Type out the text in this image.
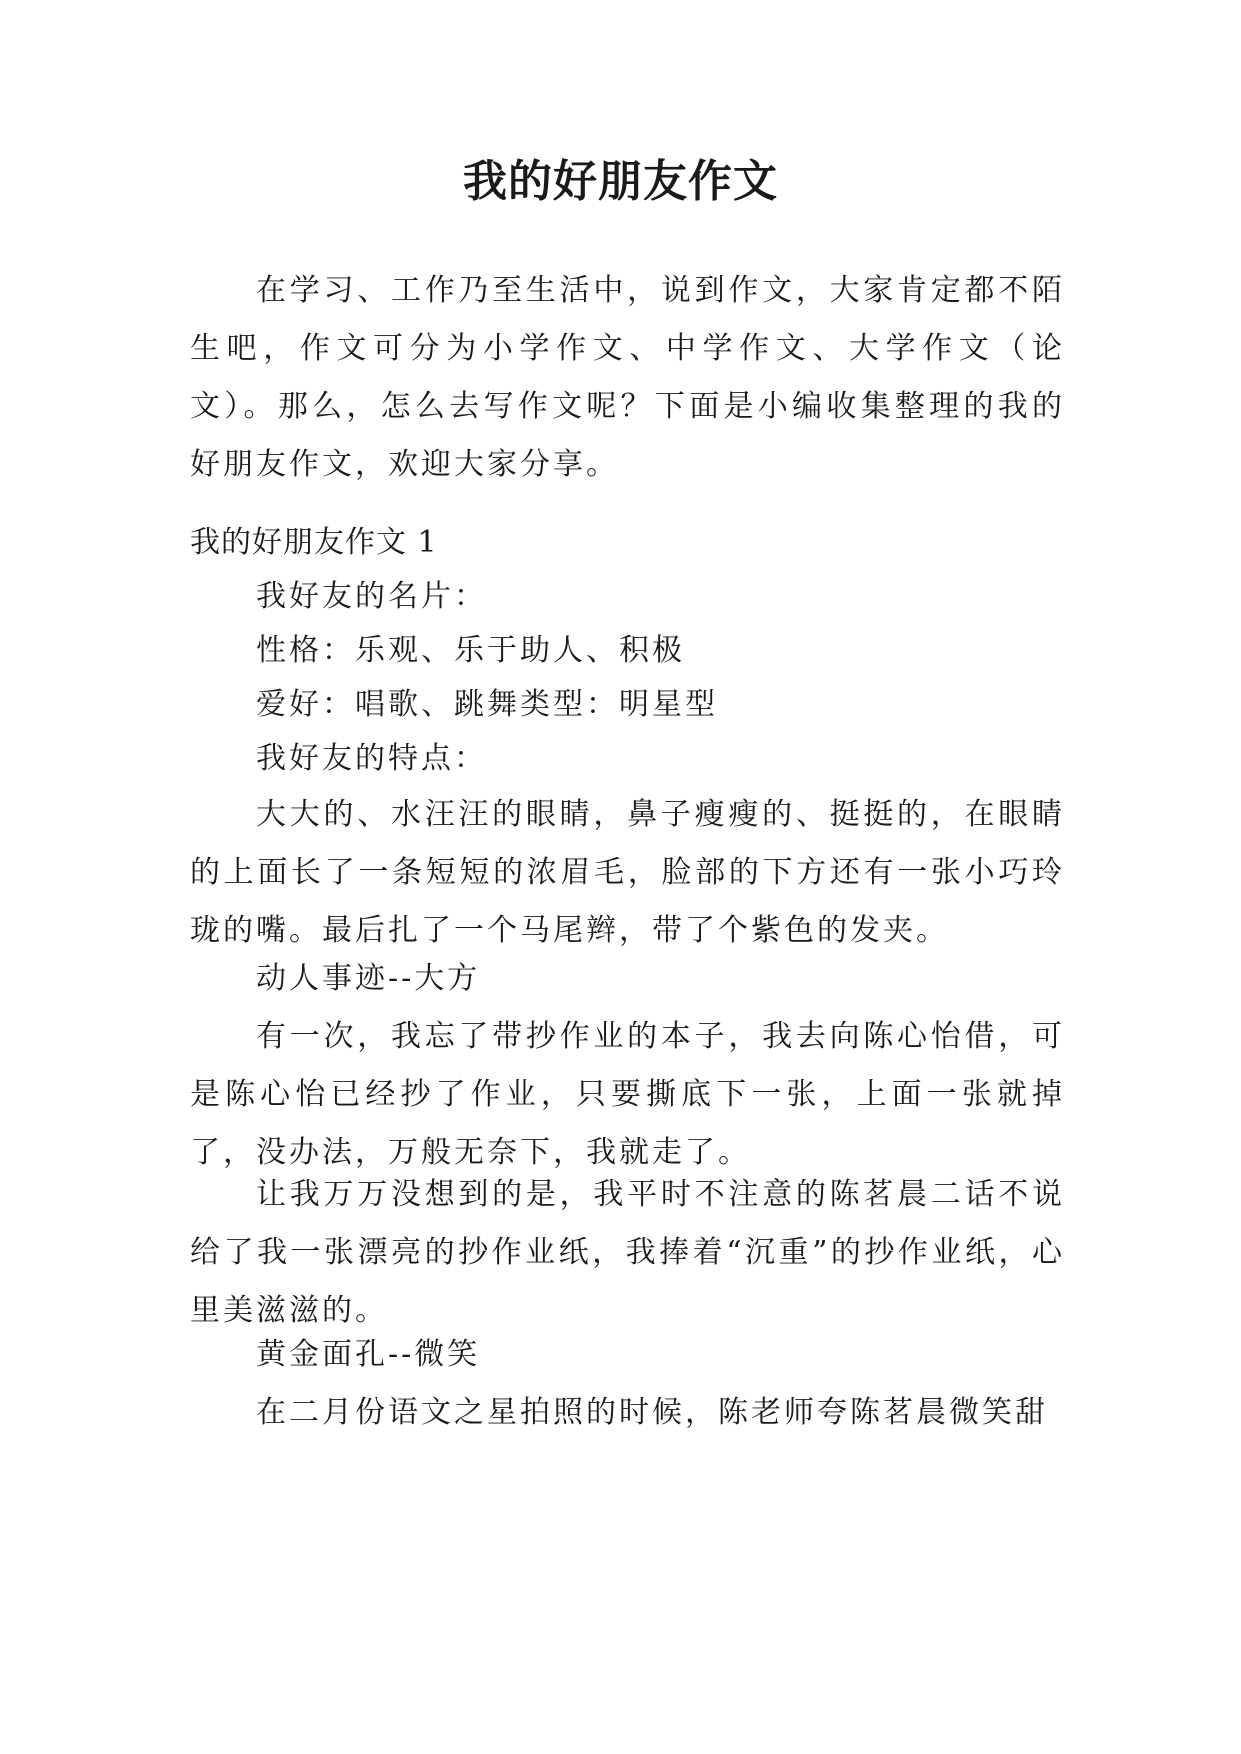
我的好朋友作文

在学习、工作乃至生活中，说到作文，大家肯定都不陌生吧，作文可分为小学作文、中学作文、大学作文（论文）。那么，怎么去写作文呢？下面是小编收集整理的我的好朋友作文，欢迎大家分享。

我的好朋友作文 1

我好友的名片：

性格：乐观、乐于助人、积极

爱好：唱歌、跳舞类型：明星型

我好友的特点：

大大的、水汪汪的眼睛，鼻子瘦瘦的、挺挺的，在眼睛的上面长了一条短短的浓眉毛，脸部的下方还有一张小巧玲珑的嘴。最后扎了一个马尾辫，带了个紫色的发夹。

动人事迹--大方

有一次，我忘了带抄作业的本子，我去向陈心怡借，可是陈心怡已经抄了作业，只要撕底下一张，上面一张就掉了，没办法，万般无奈下，我就走了。

让我万万没想到的是，我平时不注意的陈茗晨二话不说给了我一张漂亮的抄作业纸，我捧着“沉重”的抄作业纸，心里美滋滋的。

黄金面孔--微笑

在二月份语文之星拍照的时候，陈老师夸陈茗晨微笑甜
